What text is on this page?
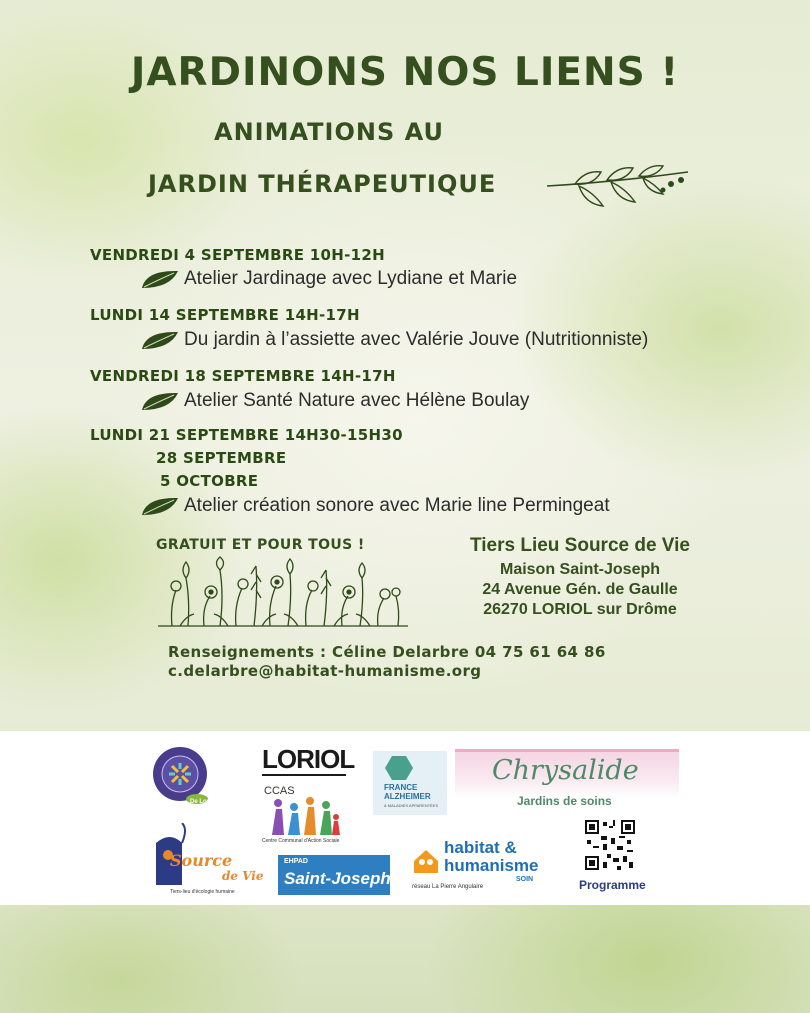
JARDINONS NOS LIENS !
ANIMATIONS AU
JARDIN THÉRAPEUTIQUE
VENDREDI 4 SEPTEMBRE 10H-12H
Atelier Jardinage avec Lydiane et Marie
LUNDI 14 SEPTEMBRE 14H-17H
Du jardin à l’assiette avec Valérie Jouve (Nutritionniste)
VENDREDI 18 SEPTEMBRE 14H-17H
Atelier Santé Nature avec Hélène Boulay
LUNDI 21 SEPTEMBRE 14H30-15H30
28 SEPTEMBRE
5 OCTOBRE
Atelier création sonore avec Marie line Permingeat
GRATUIT ET POUR TOUS !	Tiers Lieu Source de Vie
Maison Saint-Joseph
24 Avenue Gén. de Gaulle
26270 LORIOL sur Drôme
Renseignements : Céline Delarbre 04 75 61 64 86
c.delarbre@habitat-humanisme.org
De Loriol
LORIOL
CCAS
Centre Communal d'Action Sociale
FRANCE
ALZHEIMER
& MALADIES APPARENTÉES
Chrysalide
Jardins de soins
Source
de Vie
Tiers-lieu d'écologie humaine
EHPAD
Saint-Joseph
habitat &
humanisme
SOIN
réseau La Pierre Angulaire	Programme
